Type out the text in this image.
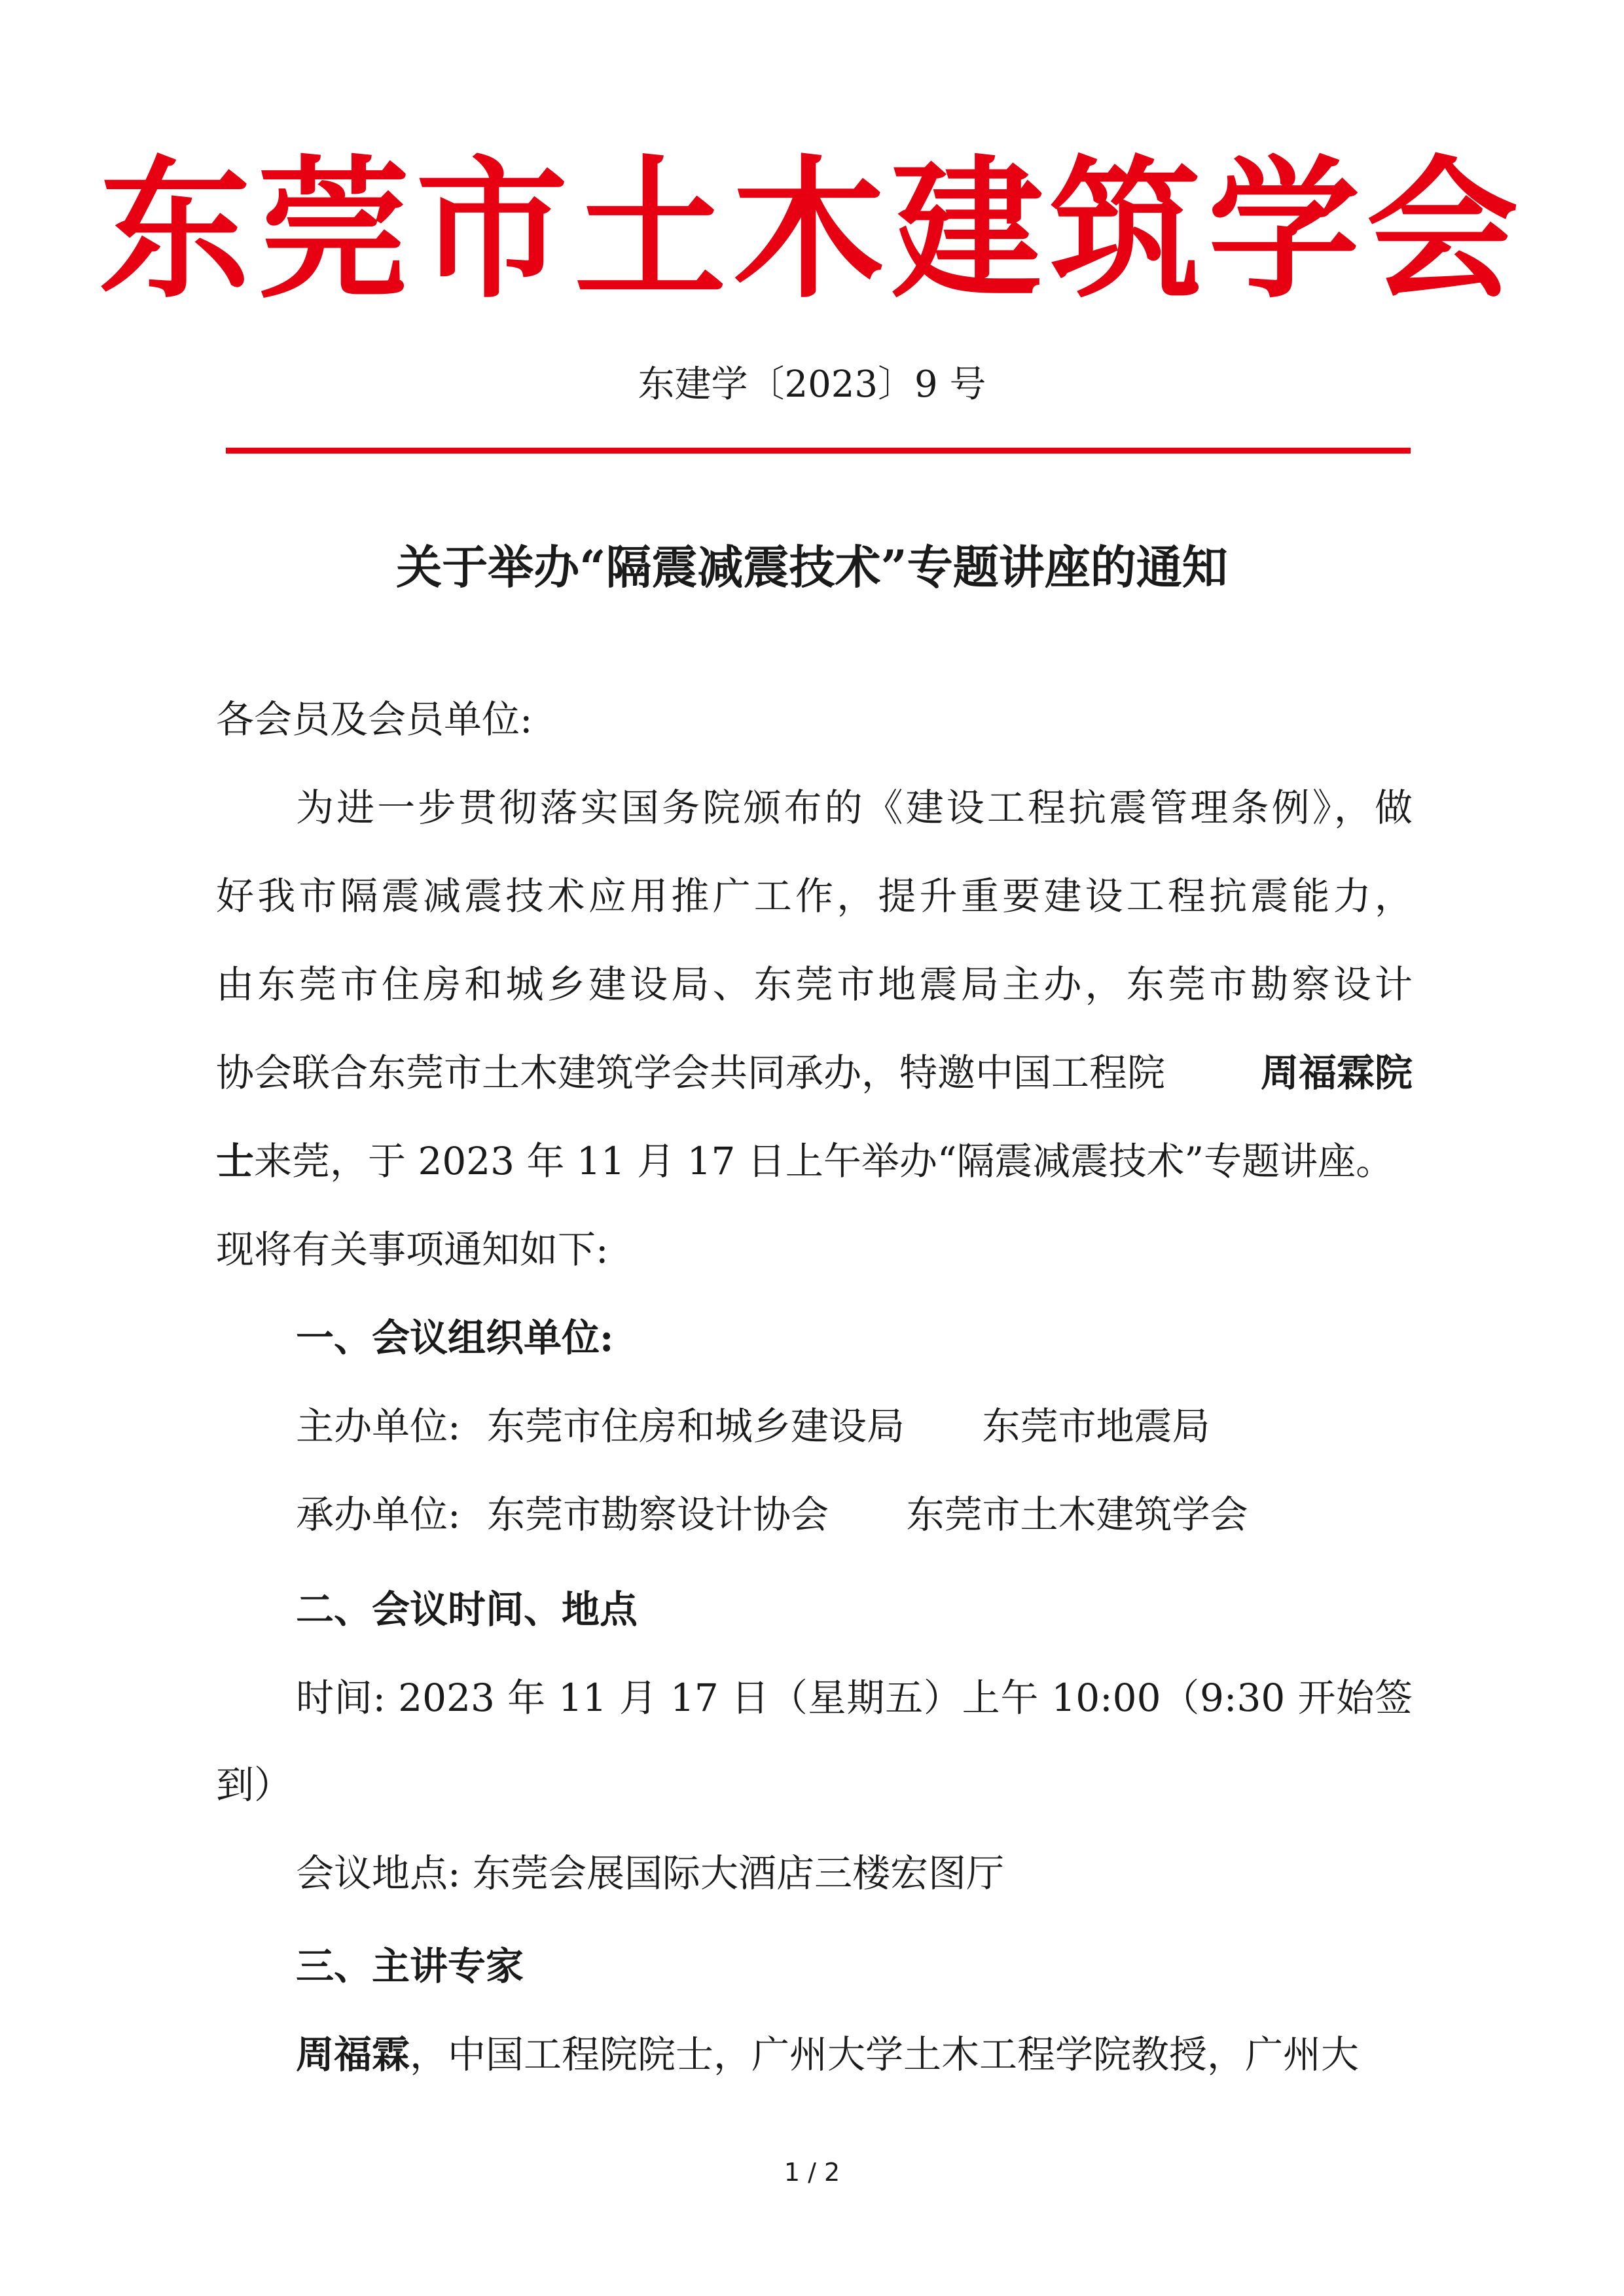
东莞市土木建筑学会
东建学〔2023〕9 号
关于举办“隔震减震技术”专题讲座的通知
各会员及会员单位:
为进一步贯彻落实国务院颁布的《建设工程抗震管理条例》，做
好我市隔震减震技术应用推广工作，提升重要建设工程抗震能力，
由东莞市住房和城乡建设局、东莞市地震局主办，东莞市勘察设计
协会联合东莞市土木建筑学会共同承办，特邀中国工程院	周福霖院
士 来莞，于 2023 年 11 月 17 日上午举办“隔震减震技术”专题讲座。
现将有关事项通知如下:
一、会议组织单位:
主办单位: 东莞市住房和城乡建设局 东莞市地震局
承办单位: 东莞市勘察设计协会 东莞市土木建筑学会
二、会议时间、地点
时间: 2023 年 11 月 17 日（星期五）上午 10:00（9:30 开始签
到）
会议地点: 东莞会展国际大酒店三楼宏图厅
三、主讲专家
周福霖 ，中国工程院院士，广州大学土木工程学院教授，广州大
1 / 2
